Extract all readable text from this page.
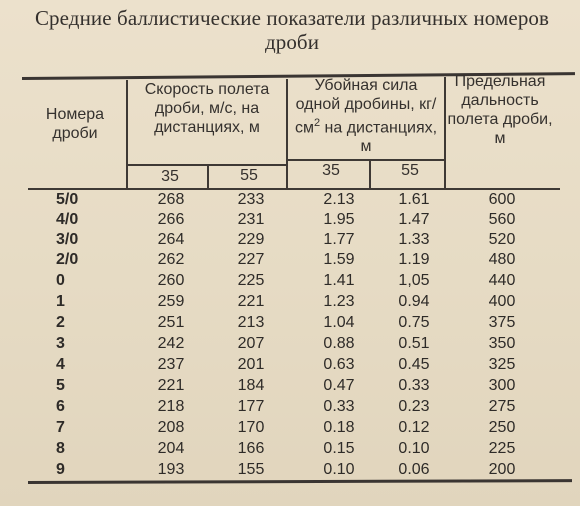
Средние баллистические показатели различных номеров дроби
Номера дроби
Скорость полета дроби, м/с, на дистанциях, м
Убойная сила одной дробины, $кг/см^2$ на дистанциях, м
Предельная дальность полета дроби, м
35	55	35	55
5/0	268	233	2.13	1.61	600
4/0	266	231	1.95	1.47	560
3/0	264	229	1.77	1.33	520
2/0	262	227	1.59	1.19	480
0	260	225	1.41	1,05	440
1	259	221	1.23	0.94	400
2	251	213	1.04	0.75	375
3	242	207	0.88	0.51	350
4	237	201	0.63	0.45	325
5	221	184	0.47	0.33	300
6	218	177	0.33	0.23	275
7	208	170	0.18	0.12	250
8	204	166	0.15	0.10	225
9	193	155	0.10	0.06	200
